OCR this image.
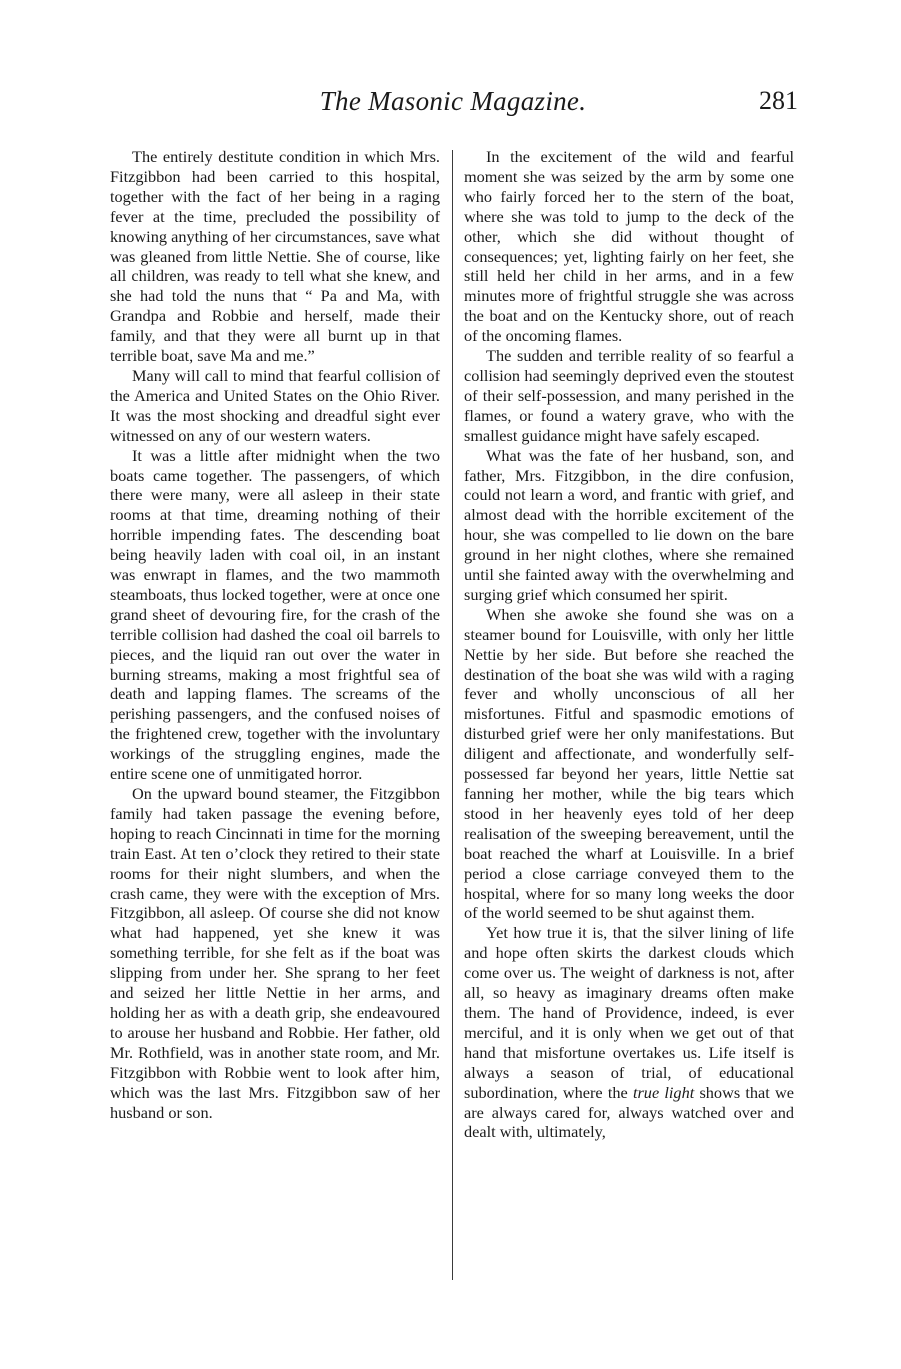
The Masonic Magazine.	281

The entirely destitute condition in which Mrs. Fitzgibbon had been carried to this hospital, together with the fact of her being in a raging fever at the time, precluded the possibility of knowing anything of her circumstances, save what was gleaned from little Nettie. She of course, like all children, was ready to tell what she knew, and she had told the nuns that “ Pa and Ma, with Grandpa and Robbie and herself, made their family, and that they were all burnt up in that terrible boat, save Ma and me.”

Many will call to mind that fearful collision of the America and United States on the Ohio River. It was the most shocking and dreadful sight ever witnessed on any of our western waters.

It was a little after midnight when the two boats came together. The passengers, of which there were many, were all asleep in their state rooms at that time, dreaming nothing of their horrible impending fates. The descending boat being heavily laden with coal oil, in an instant was enwrapt in flames, and the two mammoth steamboats, thus locked together, were at once one grand sheet of devouring fire, for the crash of the terrible collision had dashed the coal oil barrels to pieces, and the liquid ran out over the water in burning streams, making a most frightful sea of death and lapping flames. The screams of the perishing passengers, and the confused noises of the frightened crew, together with the involuntary workings of the struggling engines, made the entire scene one of unmitigated horror.

On the upward bound steamer, the Fitzgibbon family had taken passage the evening before, hoping to reach Cincinnati in time for the morning train East. At ten o’clock they retired to their state rooms for their night slumbers, and when the crash came, they were with the exception of Mrs. Fitzgibbon, all asleep. Of course she did not know what had happened, yet she knew it was something terrible, for she felt as if the boat was slipping from under her. She sprang to her feet and seized her little Nettie in her arms, and holding her as with a death grip, she endeavoured to arouse her husband and Robbie. Her father, old Mr. Rothfield, was in another state room, and Mr. Fitzgibbon with Robbie went to look after him, which was the last Mrs. Fitzgibbon saw of her husband or son.

In the excitement of the wild and fearful moment she was seized by the arm by some one who fairly forced her to the stern of the boat, where she was told to jump to the deck of the other, which she did without thought of consequences; yet, lighting fairly on her feet, she still held her child in her arms, and in a few minutes more of frightful struggle she was across the boat and on the Kentucky shore, out of reach of the oncoming flames.

The sudden and terrible reality of so fearful a collision had seemingly deprived even the stoutest of their self-possession, and many perished in the flames, or found a watery grave, who with the smallest guidance might have safely escaped.

What was the fate of her husband, son, and father, Mrs. Fitzgibbon, in the dire confusion, could not learn a word, and frantic with grief, and almost dead with the horrible excitement of the hour, she was compelled to lie down on the bare ground in her night clothes, where she remained until she fainted away with the overwhelming and surging grief which consumed her spirit.

When she awoke she found she was on a steamer bound for Louisville, with only her little Nettie by her side. But before she reached the destination of the boat she was wild with a raging fever and wholly unconscious of all her misfortunes. Fitful and spasmodic emotions of disturbed grief were her only manifestations. But diligent and affectionate, and wonderfully self-possessed far beyond her years, little Nettie sat fanning her mother, while the big tears which stood in her heavenly eyes told of her deep realisation of the sweeping bereavement, until the boat reached the wharf at Louisville. In a brief period a close carriage conveyed them to the hospital, where for so many long weeks the door of the world seemed to be shut against them.

Yet how true it is, that the silver lining of life and hope often skirts the darkest clouds which come over us. The weight of darkness is not, after all, so heavy as imaginary dreams often make them. The hand of Providence, indeed, is ever merciful, and it is only when we get out of that hand that misfortune overtakes us. Life itself is always a season of trial, of educational subordination, where the true light shows that we are always cared for, always watched over and dealt with, ultimately,
